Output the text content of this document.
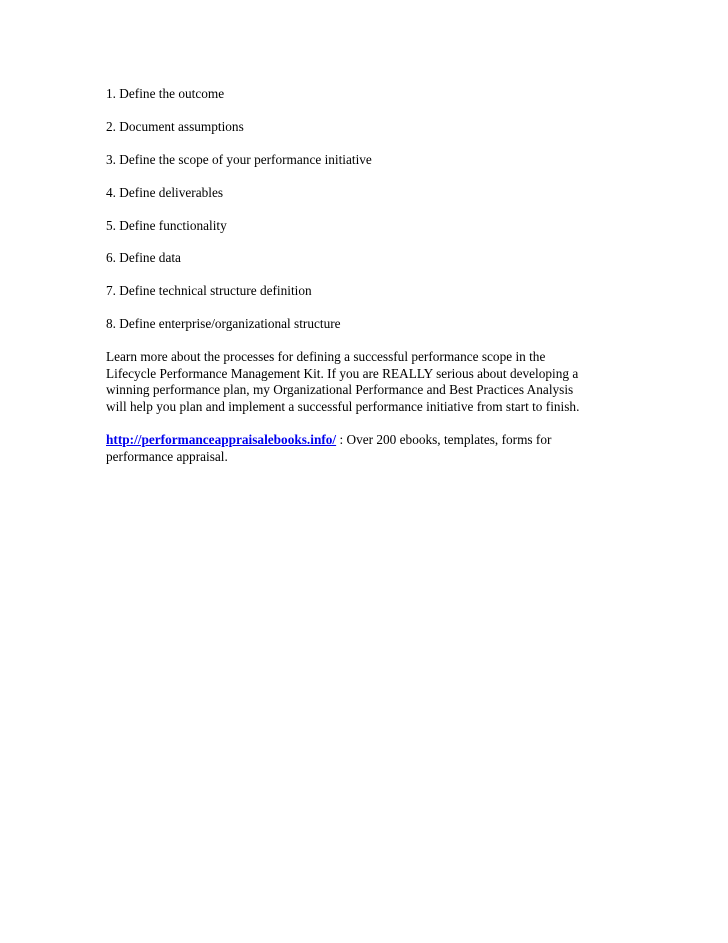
1. Define the outcome
2. Document assumptions
3. Define the scope of your performance initiative
4. Define deliverables
5. Define functionality
6. Define data
7. Define technical structure definition
8. Define enterprise/organizational structure

Learn more about the processes for defining a successful performance scope in the
Lifecycle Performance Management Kit. If you are REALLY serious about developing a
winning performance plan, my Organizational Performance and Best Practices Analysis
will help you plan and implement a successful performance initiative from start to finish.

http://performanceappraisalebooks.info/ : Over 200 ebooks, templates, forms for
performance appraisal.
